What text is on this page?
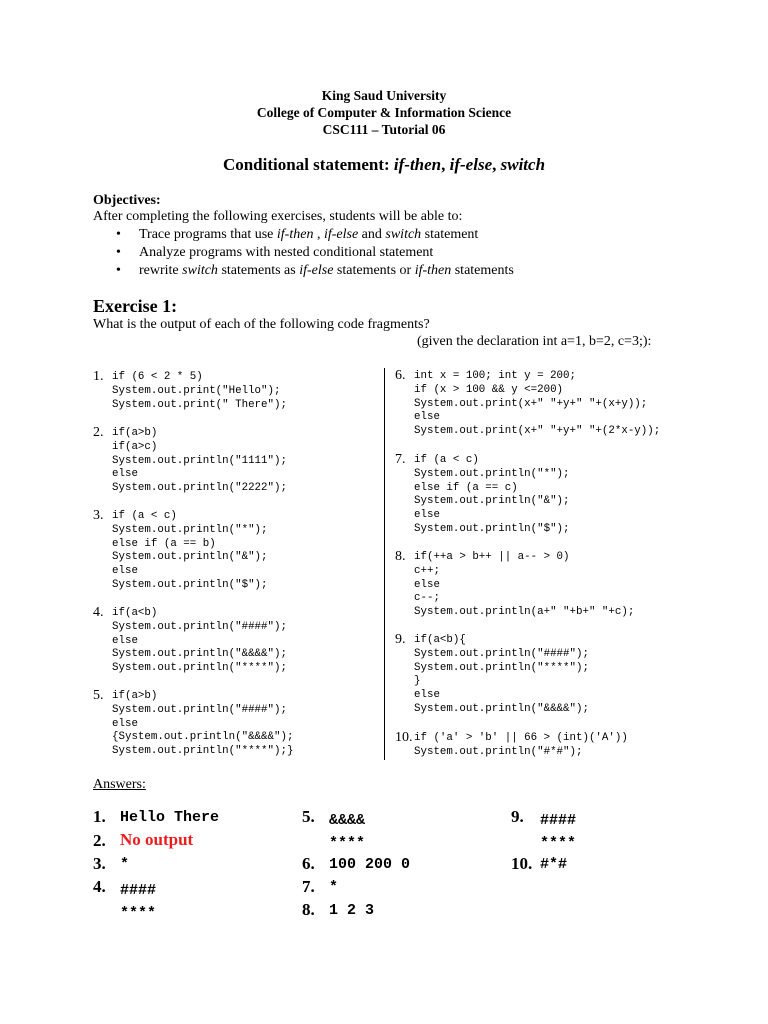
King Saud University
College of Computer & Information Science
CSC111 – Tutorial 06
Conditional statement: if-then, if-else, switch
Objectives:
After completing the following exercises, students will be able to:
• Trace programs that use if-then , if-else and switch statement
• Analyze programs with nested conditional statement
• rewrite switch statements as if-else statements or if-then statements
Exercise 1:
What is the output of each of the following code fragments?
(given the declaration int a=1, b=2, c=3;):
1. if (6 < 2 * 5)
System.out.print("Hello");
System.out.print(" There");
2. if(a>b)
if(a>c)
System.out.println("1111");
else
System.out.println("2222");
3. if (a < c)
System.out.println("*");
else if (a == b)
System.out.println("&");
else
System.out.println("$");
4. if(a<b)
System.out.println("####");
else
System.out.println("&&&&");
System.out.println("****");
5. if(a>b)
System.out.println("####");
else
{System.out.println("&&&&");
System.out.println("****");}
6. int x = 100; int y = 200;
if (x > 100 && y <=200)
System.out.print(x+" "+y+" "+(x+y));
else
System.out.print(x+" "+y+" "+(2*x-y));
7. if (a < c)
System.out.println("*");
else if (a == c)
System.out.println("&");
else
System.out.println("$");
8. if(++a > b++ || a-- > 0)
c++;
else
c--;
System.out.println(a+" "+b+" "+c);
9. if(a<b){
System.out.println("####");
System.out.println("****");
}
else
System.out.println("&&&&");
10. if ('a' > 'b' || 66 > (int)('A'))
System.out.println("#*#");
Answers:
1. Hello There
2. No output
3. *
4. ####
****
5. &&&&
****
6. 100 200 0
7. *
8. 1 2 3
9. ####
****
10. #*#
